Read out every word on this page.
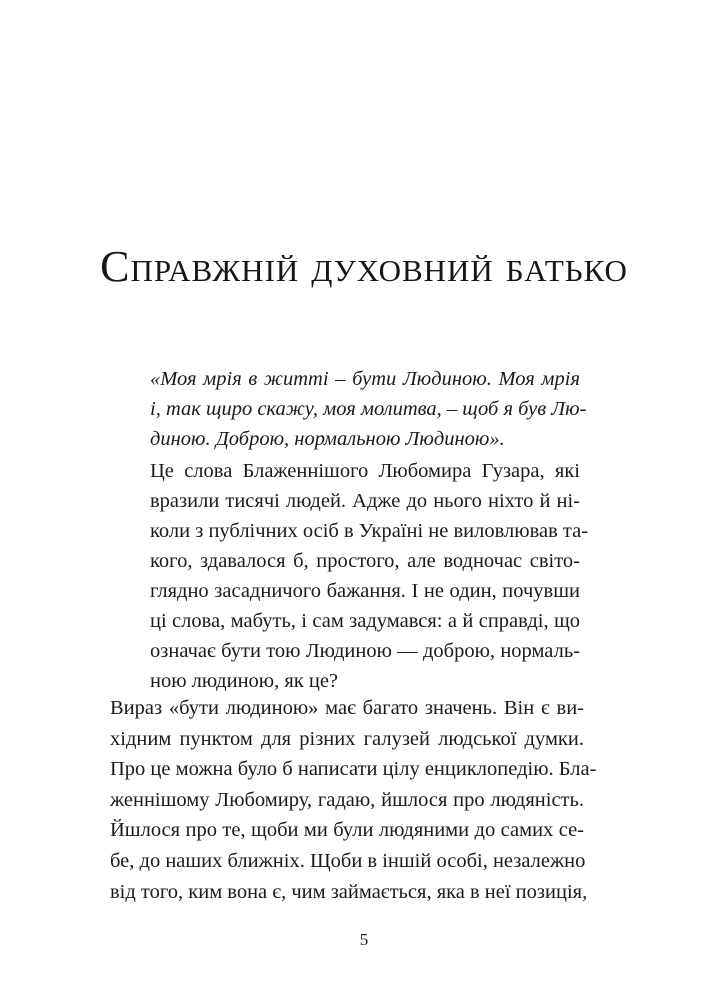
Справжній духовний батько

«Моя мрія в житті – бути Людиною. Моя мрія
і, так щиро скажу, моя молитва, – щоб я був Лю-
диною. Доброю, нормальною Людиною».

Це слова Блаженнішого Любомира Гузара, які
вразили тисячі людей. Адже до нього ніхто й ні-
коли з публічних осіб в Україні не виловлював та-
кого, здавалося б, простого, але водночас світо-
глядно засадничого бажання. І не один, почувши
ці слова, мабуть, і сам задумався: а й справді, що
означає бути тою Людиною — доброю, нормаль-
ною людиною, як це?

Вираз «бути людиною» має багато значень. Він є ви-
хідним пунктом для різних галузей людської думки.
Про це можна було б написати цілу енциклопедію. Бла-
женнішому Любомиру, гадаю, йшлося про людяність.
Йшлося про те, щоби ми були людяними до самих се-
бе, до наших ближніх. Щоби в іншій особі, незалежно
від того, ким вона є, чим займається, яка в неї позиція,

5
